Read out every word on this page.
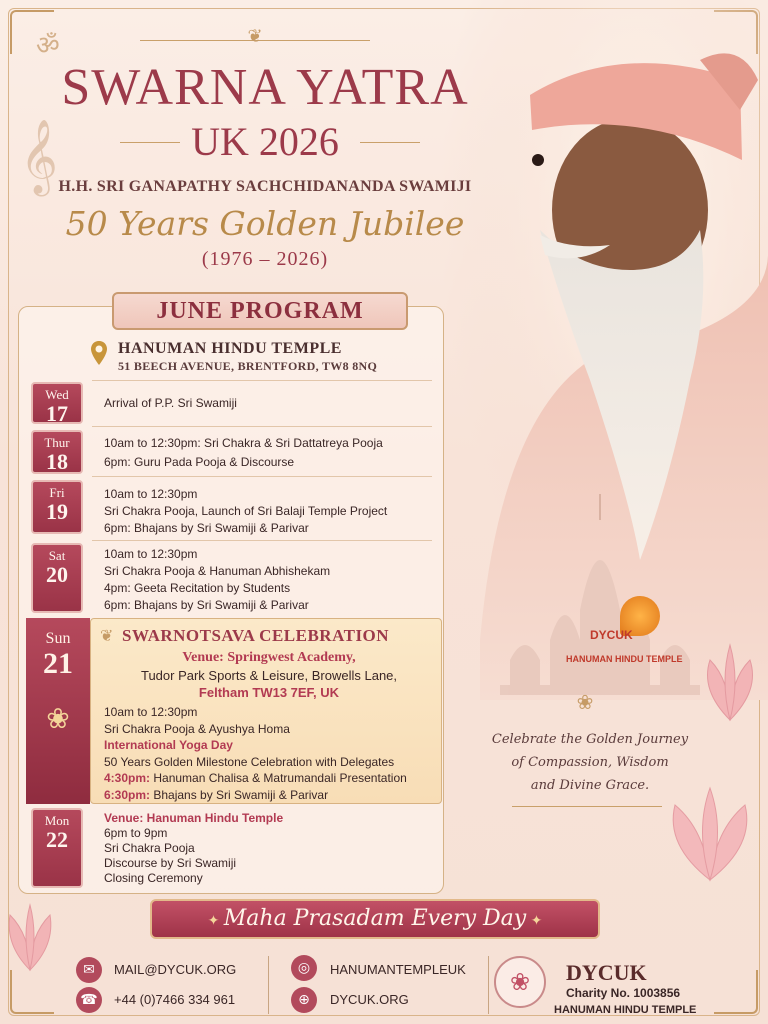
ॐ
𝄞
DYCUK
HANUMAN HINDU TEMPLE
❀
Celebrate the Golden Journey
of Compassion, Wisdom
and Divine Grace.
❦
SWARNA YATRA
UK 2026
H.H. SRI GANAPATHY SACHCHIDANANDA SWAMIJI
50 Years Golden Jubilee
(1976 – 2026)
JUNE PROGRAM
HANUMAN HINDU TEMPLE
51 BEECH AVENUE, BRENTFORD, TW8 8NQ
Wed
17	Arrival of P.P. Sri Swamiji
Thur
18
10am to 12:30pm: Sri Chakra & Sri Dattatreya Pooja
6pm: Guru Pada Pooja & Discourse
Fri
19
10am to 12:30pm
Sri Chakra Pooja, Launch of Sri Balaji Temple Project
6pm: Bhajans by Sri Swamiji & Parivar
Sat
20
10am to 12:30pm
Sri Chakra Pooja & Hanuman Abhishekam
4pm: Geeta Recitation by Students
6pm: Bhajans by Sri Swamiji & Parivar
Sun
21
❀
❦ SWARNOTSAVA CELEBRATION
Venue: Springwest Academy,
Tudor Park Sports & Leisure, Browells Lane,
Feltham TW13 7EF, UK
10am to 12:30pm
Sri Chakra Pooja & Ayushya Homa
International Yoga Day
50 Years Golden Milestone Celebration with Delegates
4:30pm: Hanuman Chalisa & Matrumandali Presentation
6:30pm: Bhajans by Sri Swamiji & Parivar
Mon
22
Venue: Hanuman Hindu Temple
6pm to 9pm
Sri Chakra Pooja
Discourse by Sri Swamiji
Closing Ceremony
✦ Maha Prasadam Every Day ✦
✉	MAIL@DYCUK.ORG
☎	+44 (0)7466 334 961
◎	HANUMANTEMPLEUK
⊕	DYCUK.ORG
❀	DYCUK
Charity No. 1003856
HANUMAN HINDU TEMPLE
